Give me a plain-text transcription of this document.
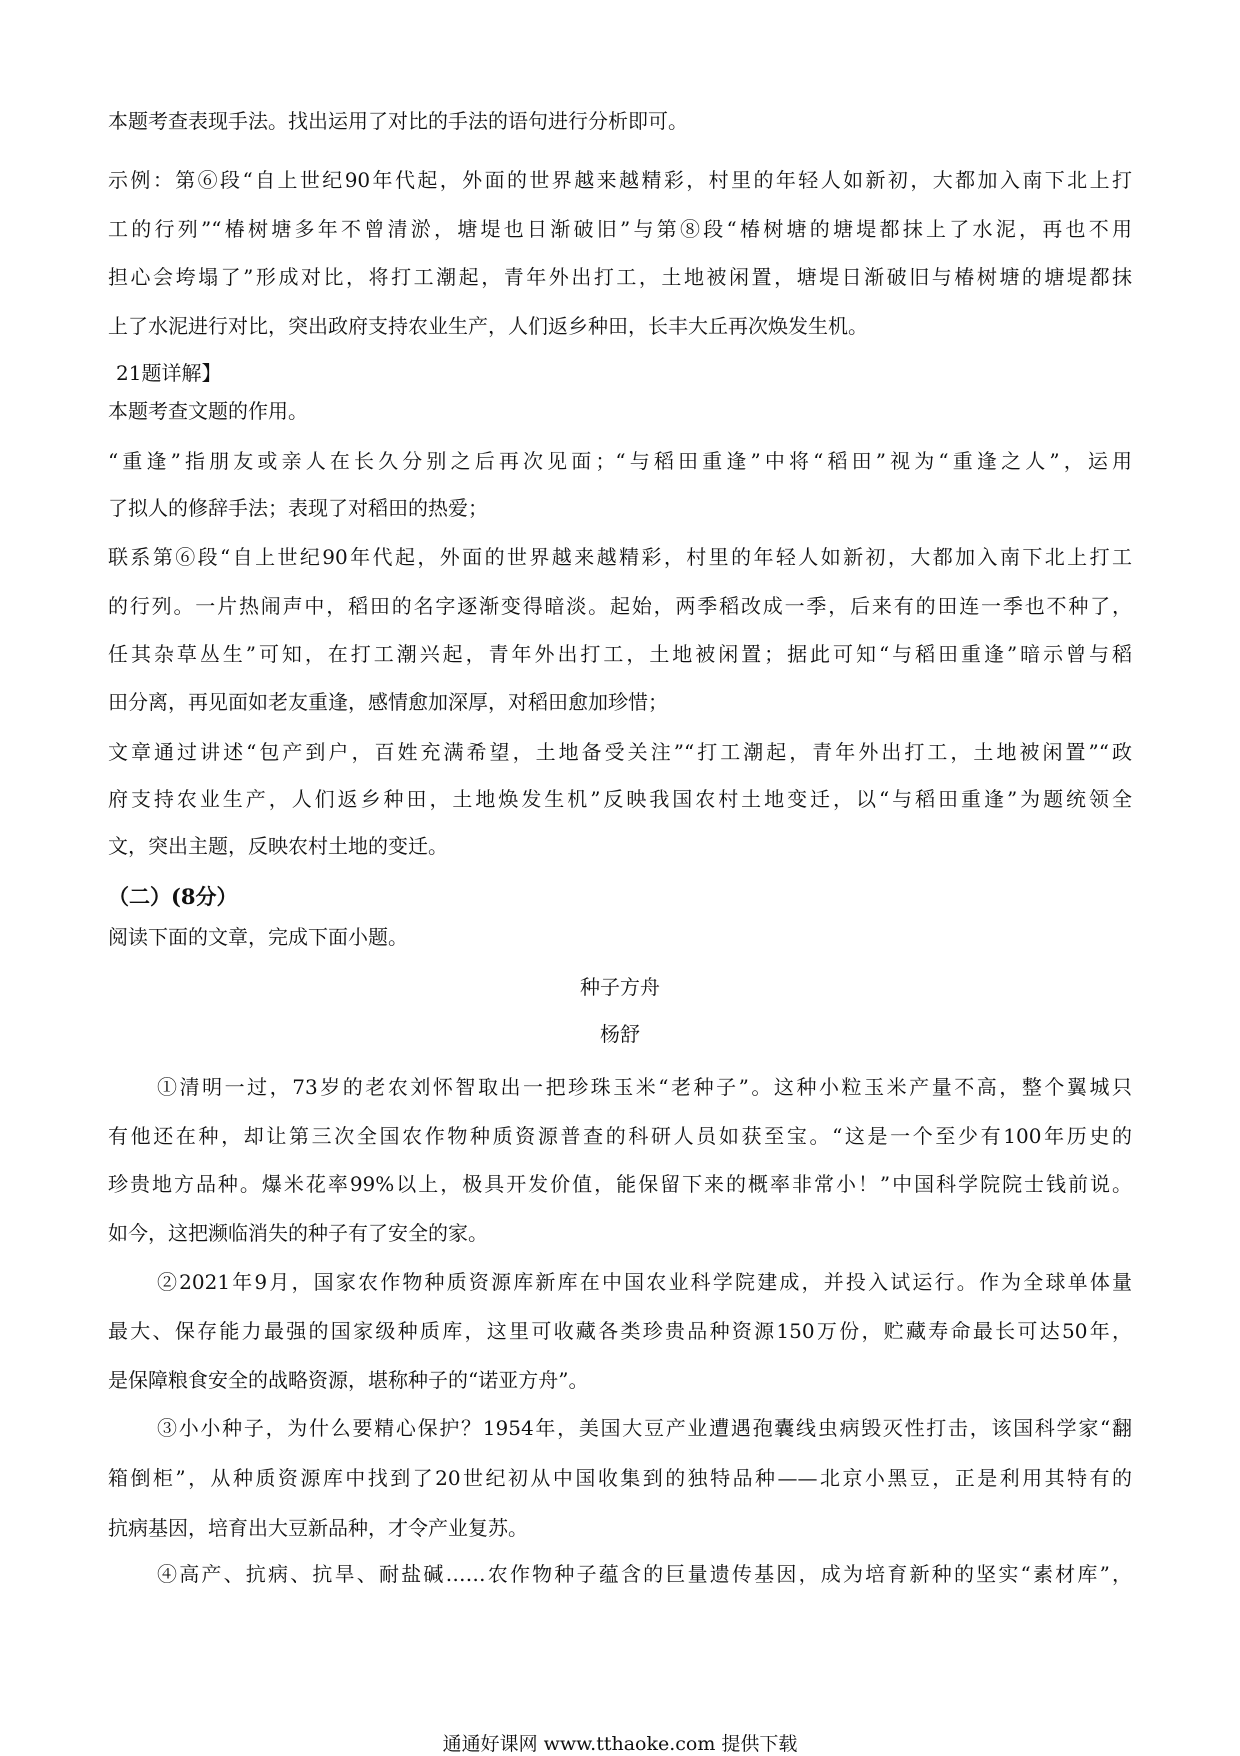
本题考查表现手法。找出运用了对比的手法的语句进行分析即可。
示例：第⑥段“自上世纪90年代起，外面的世界越来越精彩，村里的年轻人如新初，大都加入南下北上打
工的行列”“椿树塘多年不曾清淤，塘堤也日渐破旧”与第⑧段“椿树塘的塘堤都抹上了水泥，再也不用
担心会垮塌了”形成对比，将打工潮起，青年外出打工，土地被闲置，塘堤日渐破旧与椿树塘的塘堤都抹
上了水泥进行对比，突出政府支持农业生产，人们返乡种田，长丰大丘再次焕发生机。
21题详解】
本题考查文题的作用。
“重逢”指朋友或亲人在长久分别之后再次见面；“与稻田重逢”中将“稻田”视为“重逢之人”，运用
了拟人的修辞手法；表现了对稻田的热爱；
联系第⑥段“自上世纪90年代起，外面的世界越来越精彩，村里的年轻人如新初，大都加入南下北上打工
的行列。一片热闹声中，稻田的名字逐渐变得暗淡。起始，两季稻改成一季，后来有的田连一季也不种了，
任其杂草丛生”可知，在打工潮兴起，青年外出打工，土地被闲置；据此可知“与稻田重逢”暗示曾与稻
田分离，再见面如老友重逢，感情愈加深厚，对稻田愈加珍惜；
文章通过讲述“包产到户，百姓充满希望，土地备受关注”“打工潮起，青年外出打工，土地被闲置”“政
府支持农业生产，人们返乡种田，土地焕发生机”反映我国农村土地变迁，以“与稻田重逢”为题统领全
文，突出主题，反映农村土地的变迁。
（二）(8分）
阅读下面的文章，完成下面小题。
种子方舟
杨舒
①清明一过，73岁的老农刘怀智取出一把珍珠玉米“老种子”。这种小粒玉米产量不高，整个翼城只
有他还在种，却让第三次全国农作物种质资源普查的科研人员如获至宝。“这是一个至少有100年历史的
珍贵地方品种。爆米花率99%以上，极具开发价值，能保留下来的概率非常小！”中国科学院院士钱前说。
如今，这把濒临消失的种子有了安全的家。
②2021年9月，国家农作物种质资源库新库在中国农业科学院建成，并投入试运行。作为全球单体量
最大、保存能力最强的国家级种质库，这里可收藏各类珍贵品种资源150万份，贮藏寿命最长可达50年，
是保障粮食安全的战略资源，堪称种子的“诺亚方舟”。
③小小种子，为什么要精心保护？1954年，美国大豆产业遭遇孢囊线虫病毁灭性打击，该国科学家“翻
箱倒柜”，从种质资源库中找到了20世纪初从中国收集到的独特品种——北京小黑豆，正是利用其特有的
抗病基因，培育出大豆新品种，才令产业复苏。
④高产、抗病、抗旱、耐盐碱……农作物种子蕴含的巨量遗传基因，成为培育新种的坚实“素材库”，
通通好课网 www.tthaoke.com 提供下载
